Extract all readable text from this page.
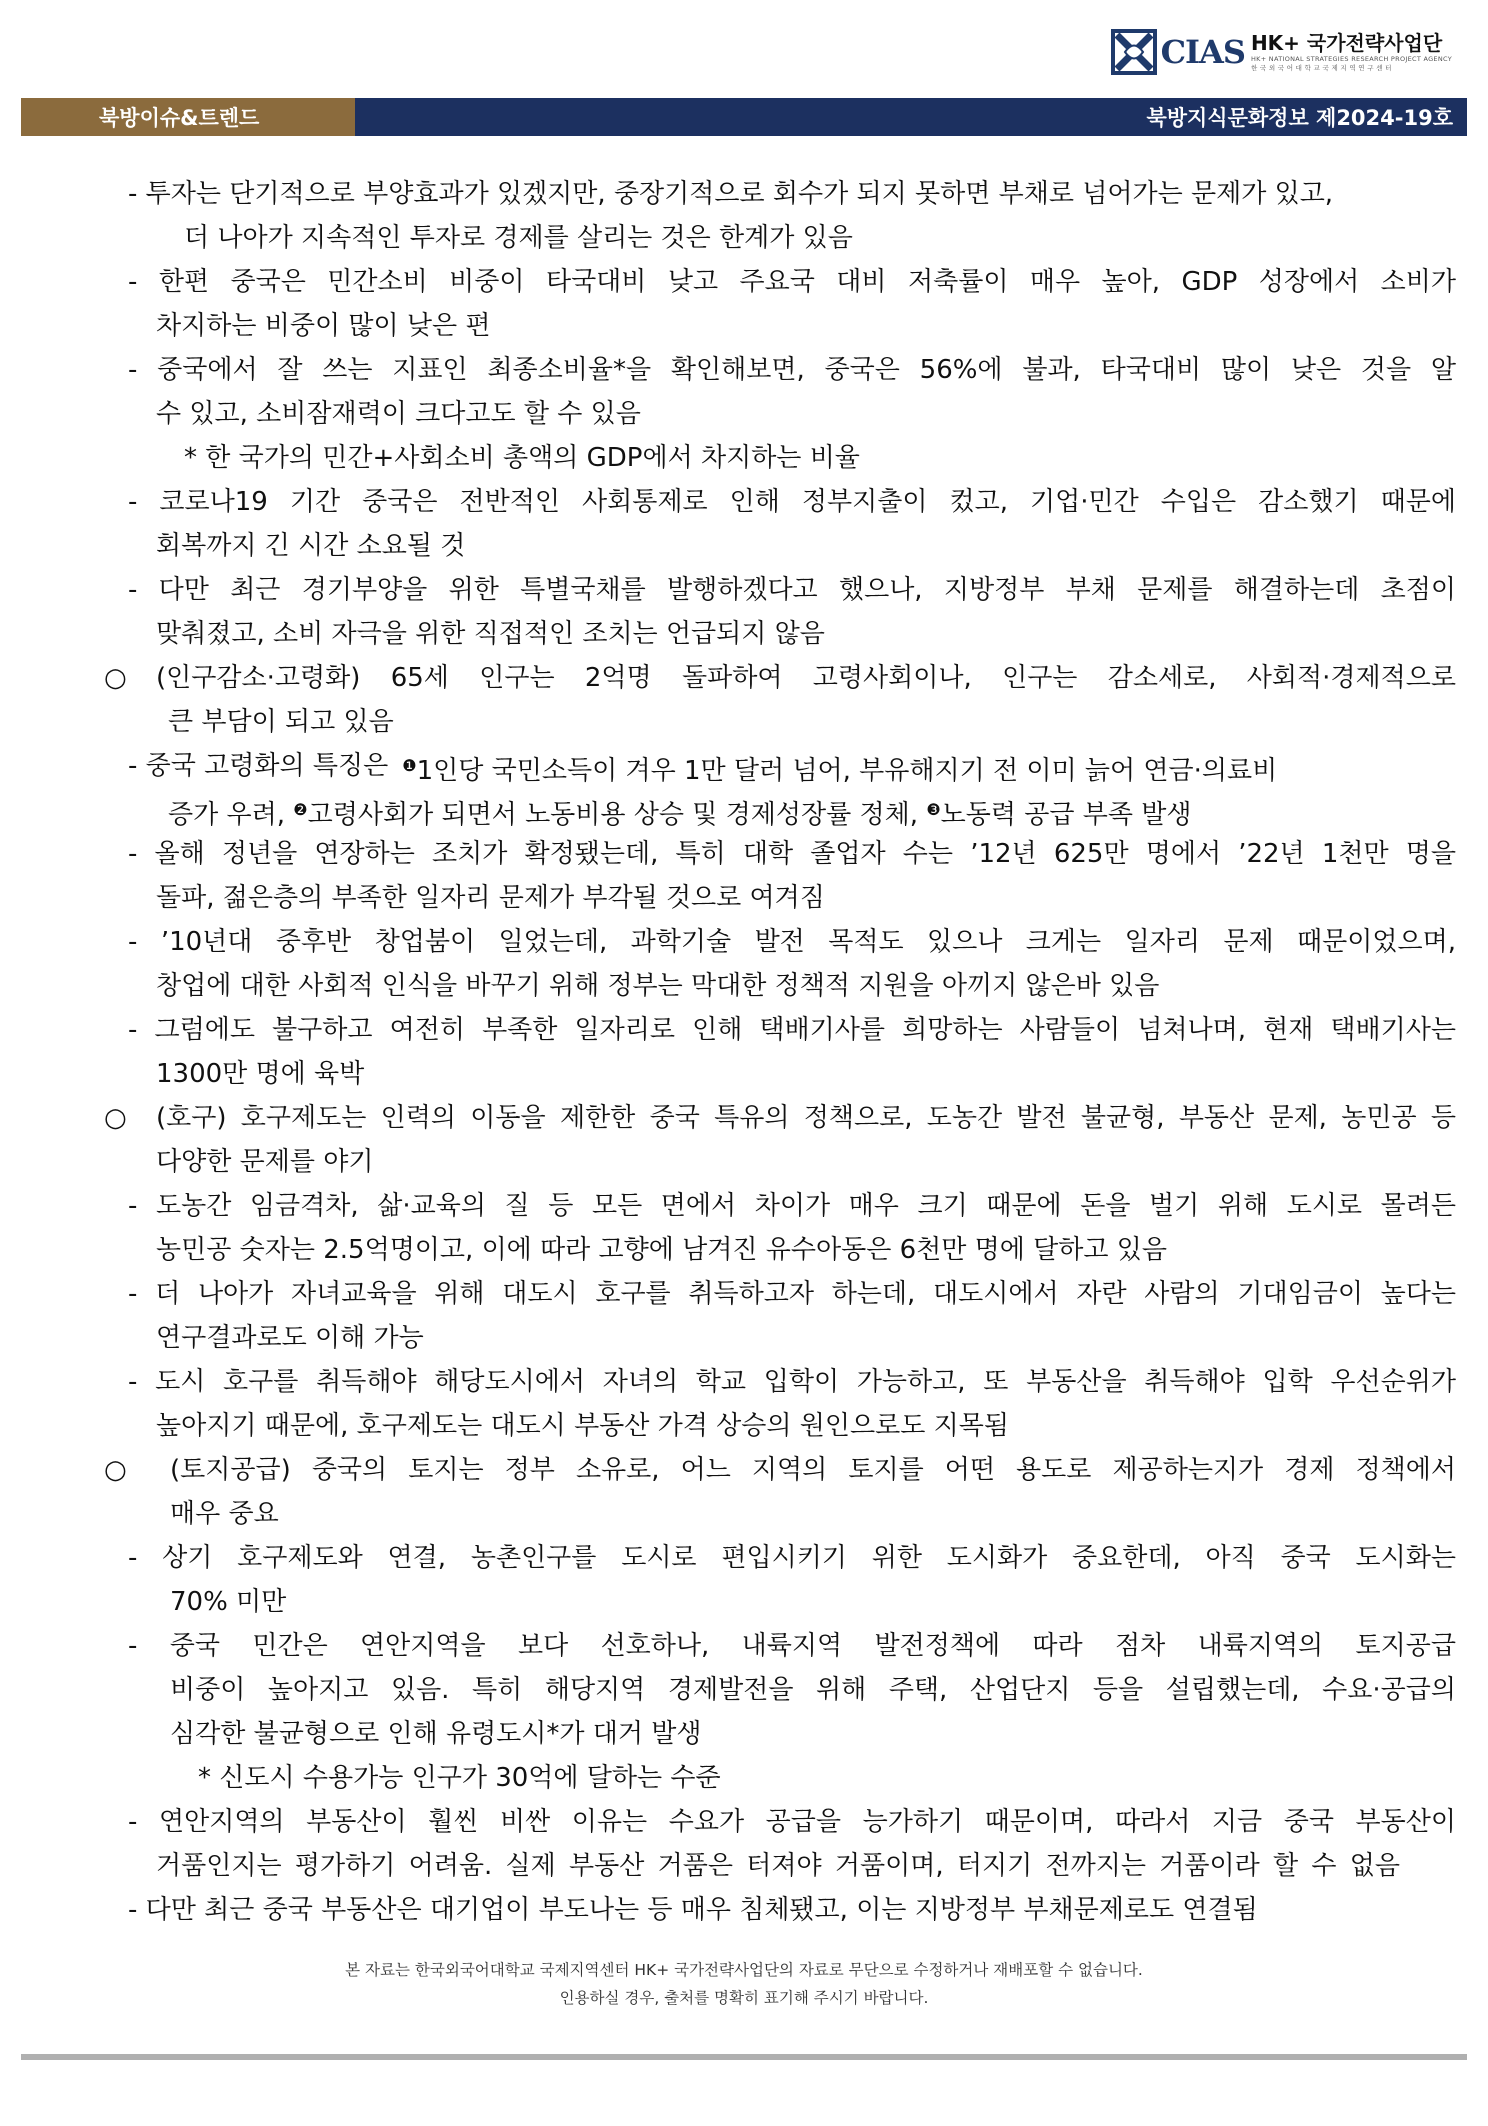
CIAS HK+ 국가전략사업단
HK+ NATIONAL STRATEGIES RESEARCH PROJECT AGENCY
한 국 외 국 어 대 학 교 국 제 지 역 연 구 센 터
북방이슈&트렌드	북방지식문화정보 제2024-19호
- 투자는 단기적으로 부양효과가 있겠지만, 중장기적으로 회수가 되지 못하면 부채로 넘어가는 문제가 있고,
더 나아가 지속적인 투자로 경제를 살리는 것은 한계가 있음
- 한편 중국은 민간소비 비중이 타국대비 낮고 주요국 대비 저축률이 매우 높아, GDP 성장에서 소비가
차지하는 비중이 많이 낮은 편
- 중국에서 잘 쓰는 지표인 최종소비율*을 확인해보면, 중국은 56%에 불과, 타국대비 많이 낮은 것을 알
수 있고, 소비잠재력이 크다고도 할 수 있음
* 한 국가의 민간+사회소비 총액의 GDP에서 차지하는 비율
- 코로나19 기간 중국은 전반적인 사회통제로 인해 정부지출이 컸고, 기업·민간 수입은 감소했기 때문에
회복까지 긴 시간 소요될 것
- 다만 최근 경기부양을 위한 특별국채를 발행하겠다고 했으나, 지방정부 부채 문제를 해결하는데 초점이
맞춰졌고, 소비 자극을 위한 직접적인 조치는 언급되지 않음
○ (인구감소·고령화) 65세 인구는 2억명 돌파하여 고령사회이나, 인구는 감소세로, 사회적·경제적으로
큰 부담이 되고 있음
- 중국 고령화의 특징은 $^❶$1인당 국민소득이 겨우 1만 달러 넘어, 부유해지기 전 이미 늙어 연금·의료비
증가 우려, $^❷$고령사회가 되면서 노동비용 상승 및 경제성장률 정체, $^❸$노동력 공급 부족 발생
- 올해 정년을 연장하는 조치가 확정됐는데, 특히 대학 졸업자 수는 ’12년 625만 명에서 ’22년 1천만 명을
돌파, 젊은층의 부족한 일자리 문제가 부각될 것으로 여겨짐
- ’10년대 중후반 창업붐이 일었는데, 과학기술 발전 목적도 있으나 크게는 일자리 문제 때문이었으며,
창업에 대한 사회적 인식을 바꾸기 위해 정부는 막대한 정책적 지원을 아끼지 않은바 있음
- 그럼에도 불구하고 여전히 부족한 일자리로 인해 택배기사를 희망하는 사람들이 넘쳐나며, 현재 택배기사는
1300만 명에 육박
○ (호구) 호구제도는 인력의 이동을 제한한 중국 특유의 정책으로, 도농간 발전 불균형, 부동산 문제, 농민공 등
다양한 문제를 야기
- 도농간 임금격차, 삶·교육의 질 등 모든 면에서 차이가 매우 크기 때문에 돈을 벌기 위해 도시로 몰려든
농민공 숫자는 2.5억명이고, 이에 따라 고향에 남겨진 유수아동은 6천만 명에 달하고 있음
- 더 나아가 자녀교육을 위해 대도시 호구를 취득하고자 하는데, 대도시에서 자란 사람의 기대임금이 높다는
연구결과로도 이해 가능
- 도시 호구를 취득해야 해당도시에서 자녀의 학교 입학이 가능하고, 또 부동산을 취득해야 입학 우선순위가
높아지기 때문에, 호구제도는 대도시 부동산 가격 상승의 원인으로도 지목됨
○ (토지공급) 중국의 토지는 정부 소유로, 어느 지역의 토지를 어떤 용도로 제공하는지가 경제 정책에서
매우 중요
- 상기 호구제도와 연결, 농촌인구를 도시로 편입시키기 위한 도시화가 중요한데, 아직 중국 도시화는
70% 미만
- 중국 민간은 연안지역을 보다 선호하나, 내륙지역 발전정책에 따라 점차 내륙지역의 토지공급
비중이 높아지고 있음. 특히 해당지역 경제발전을 위해 주택, 산업단지 등을 설립했는데, 수요·공급의
심각한 불균형으로 인해 유령도시*가 대거 발생
* 신도시 수용가능 인구가 30억에 달하는 수준
- 연안지역의 부동산이 훨씬 비싼 이유는 수요가 공급을 능가하기 때문이며, 따라서 지금 중국 부동산이
거품인지는 평가하기 어려움. 실제 부동산 거품은 터져야 거품이며, 터지기 전까지는 거품이라 할 수 없음
- 다만 최근 중국 부동산은 대기업이 부도나는 등 매우 침체됐고, 이는 지방정부 부채문제로도 연결됨
본 자료는 한국외국어대학교 국제지역센터 HK+ 국가전략사업단의 자료로 무단으로 수정하거나 재배포할 수 없습니다.
인용하실 경우, 출처를 명확히 표기해 주시기 바랍니다.
